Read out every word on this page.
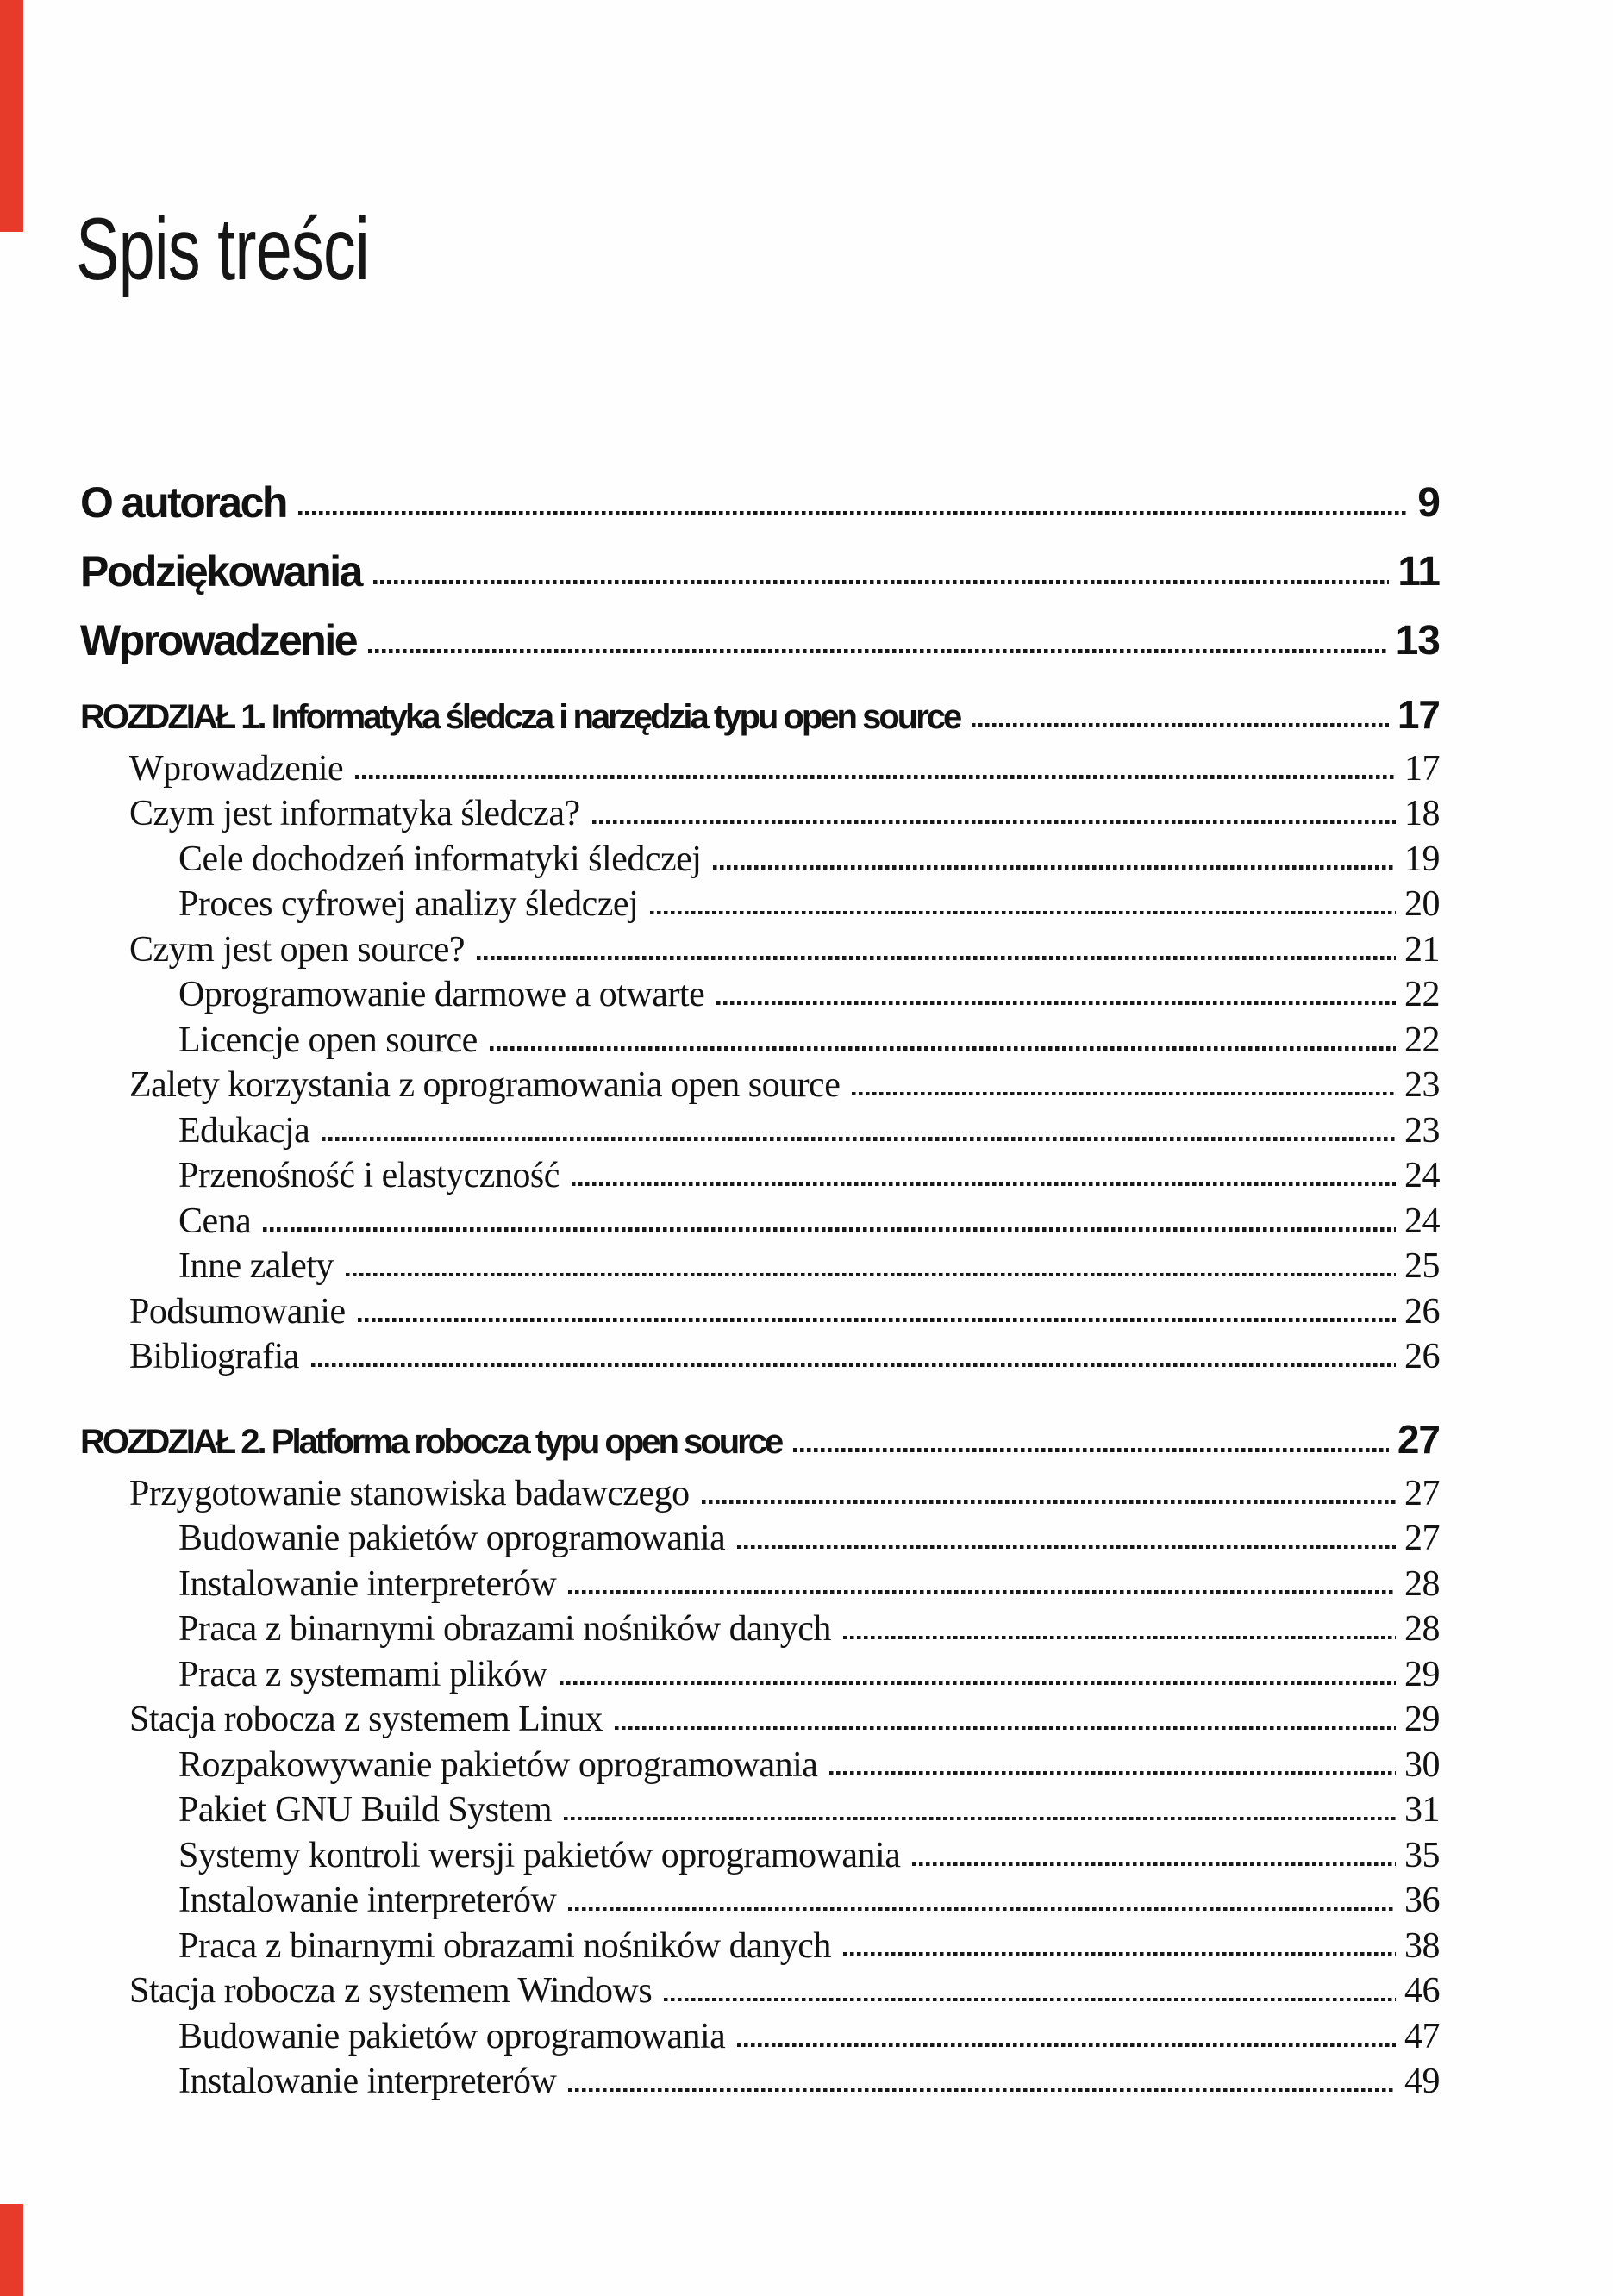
Spis treści
O autorach	9
Podziękowania	11
Wprowadzenie	13
ROZDZIAŁ 1. Informatyka śledcza i narzędzia typu open source	17
Wprowadzenie	17
Czym jest informatyka śledcza?	18
Cele dochodzeń informatyki śledczej	19
Proces cyfrowej analizy śledczej	20
Czym jest open source?	21
Oprogramowanie darmowe a otwarte	22
Licencje open source	22
Zalety korzystania z oprogramowania open source	23
Edukacja	23
Przenośność i elastyczność	24
Cena	24
Inne zalety	25
Podsumowanie	26
Bibliografia	26
ROZDZIAŁ 2. Platforma robocza typu open source	27
Przygotowanie stanowiska badawczego	27
Budowanie pakietów oprogramowania	27
Instalowanie interpreterów	28
Praca z binarnymi obrazami nośników danych	28
Praca z systemami plików	29
Stacja robocza z systemem Linux	29
Rozpakowywanie pakietów oprogramowania	30
Pakiet GNU Build System	31
Systemy kontroli wersji pakietów oprogramowania	35
Instalowanie interpreterów	36
Praca z binarnymi obrazami nośników danych	38
Stacja robocza z systemem Windows	46
Budowanie pakietów oprogramowania	47
Instalowanie interpreterów	49
